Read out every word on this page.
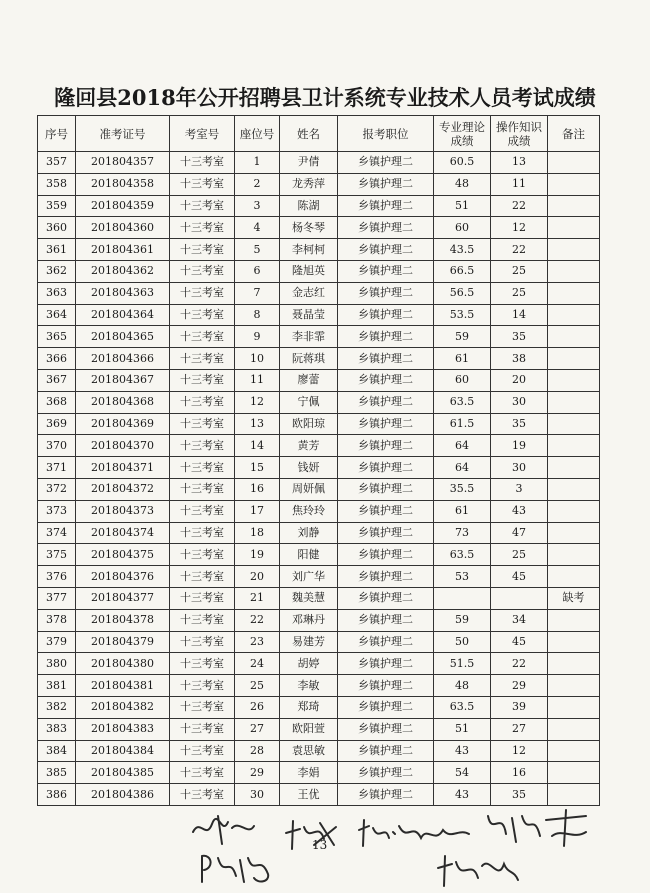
隆回县2018年公开招聘县卫计系统专业技术人员考试成绩
序号	准考证号	考室号	座位号	姓名	报考职位	专业理论成绩	操作知识成绩	备注
357	201804357	十三考室	1	尹倩	乡镇护理二	60.5	13	
358	201804358	十三考室	2	龙秀萍	乡镇护理二	48	11	
359	201804359	十三考室	3	陈湖	乡镇护理二	51	22	
360	201804360	十三考室	4	杨冬琴	乡镇护理二	60	12	
361	201804361	十三考室	5	李柯柯	乡镇护理二	43.5	22	
362	201804362	十三考室	6	隆旭英	乡镇护理二	66.5	25	
363	201804363	十三考室	7	金志红	乡镇护理二	56.5	25	
364	201804364	十三考室	8	聂晶莹	乡镇护理二	53.5	14	
365	201804365	十三考室	9	李非霏	乡镇护理二	59	35	
366	201804366	十三考室	10	阮蒋琪	乡镇护理二	61	38	
367	201804367	十三考室	11	廖蕾	乡镇护理二	60	20	
368	201804368	十三考室	12	宁佩	乡镇护理二	63.5	30	
369	201804369	十三考室	13	欧阳琼	乡镇护理二	61.5	35	
370	201804370	十三考室	14	黄芳	乡镇护理二	64	19	
371	201804371	十三考室	15	钱妍	乡镇护理二	64	30	
372	201804372	十三考室	16	周妍佩	乡镇护理二	35.5	3	
373	201804373	十三考室	17	焦玲玲	乡镇护理二	61	43	
374	201804374	十三考室	18	刘静	乡镇护理二	73	47	
375	201804375	十三考室	19	阳健	乡镇护理二	63.5	25	
376	201804376	十三考室	20	刘广华	乡镇护理二	53	45	
377	201804377	十三考室	21	魏美慧	乡镇护理二			缺考
378	201804378	十三考室	22	邓琳丹	乡镇护理二	59	34	
379	201804379	十三考室	23	易建芳	乡镇护理二	50	45	
380	201804380	十三考室	24	胡婷	乡镇护理二	51.5	22	
381	201804381	十三考室	25	李敏	乡镇护理二	48	29	
382	201804382	十三考室	26	郑琦	乡镇护理二	63.5	39	
383	201804383	十三考室	27	欧阳萱	乡镇护理二	51	27	
384	201804384	十三考室	28	袁思敏	乡镇护理二	43	12	
385	201804385	十三考室	29	李娟	乡镇护理二	54	16	
386	201804386	十三考室	30	王优	乡镇护理二	43	35	
13
